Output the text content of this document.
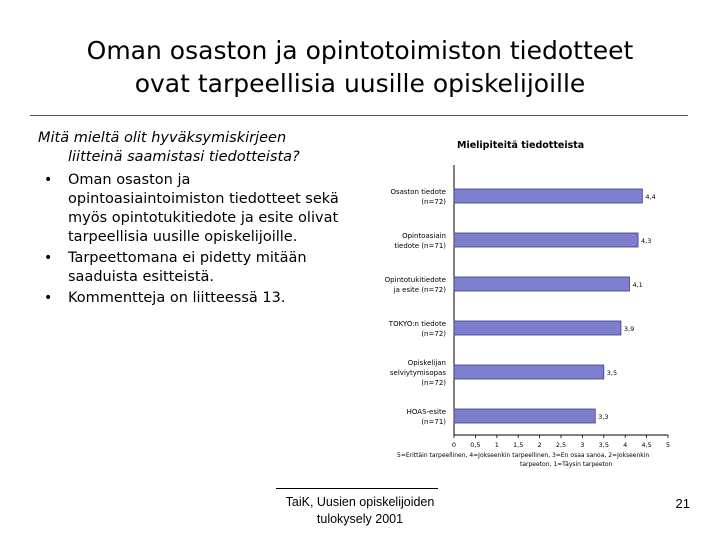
Oman osaston ja opintotoimiston tiedotteet
ovat tarpeellisia uusille opiskelijoille
Mitä mieltä olit hyväksymiskirjeen
liitteinä saamistasi tiedotteista?
• Oman osaston ja opintoasiaintoimiston tiedotteet sekä myös opintotukitiedote ja esite olivat tarpeellisia uusille opiskelijoille.
• Tarpeettomana ei pidetty mitään saaduista esitteistä.
• Kommentteja on liitteessä 13.
Mielipiteitä tiedotteista
4,4
Osaston tiedote
(n=72)
4,3
Opintoasiain
tiedote (n=71)
4,1
Opintotukitiedote
ja esite (n=72)
3,9
TOKYO:n tiedote
(n=72)
3,5
Opiskelijan
selviytymisopas
(n=72)
3,3
HOAS-esite
(n=71)
0 0,5 1 1,5 2 2,5 3 3,5 4 4,5 5
5=Erittäin tarpeellinen, 4=Jokseenkin tarpeellinen, 3=En osaa sanoa, 2=Jokseenkin
tarpeeton, 1=Täysin tarpeeton
TaiK, Uusien opiskelijoiden
tulokysely 2001
21
